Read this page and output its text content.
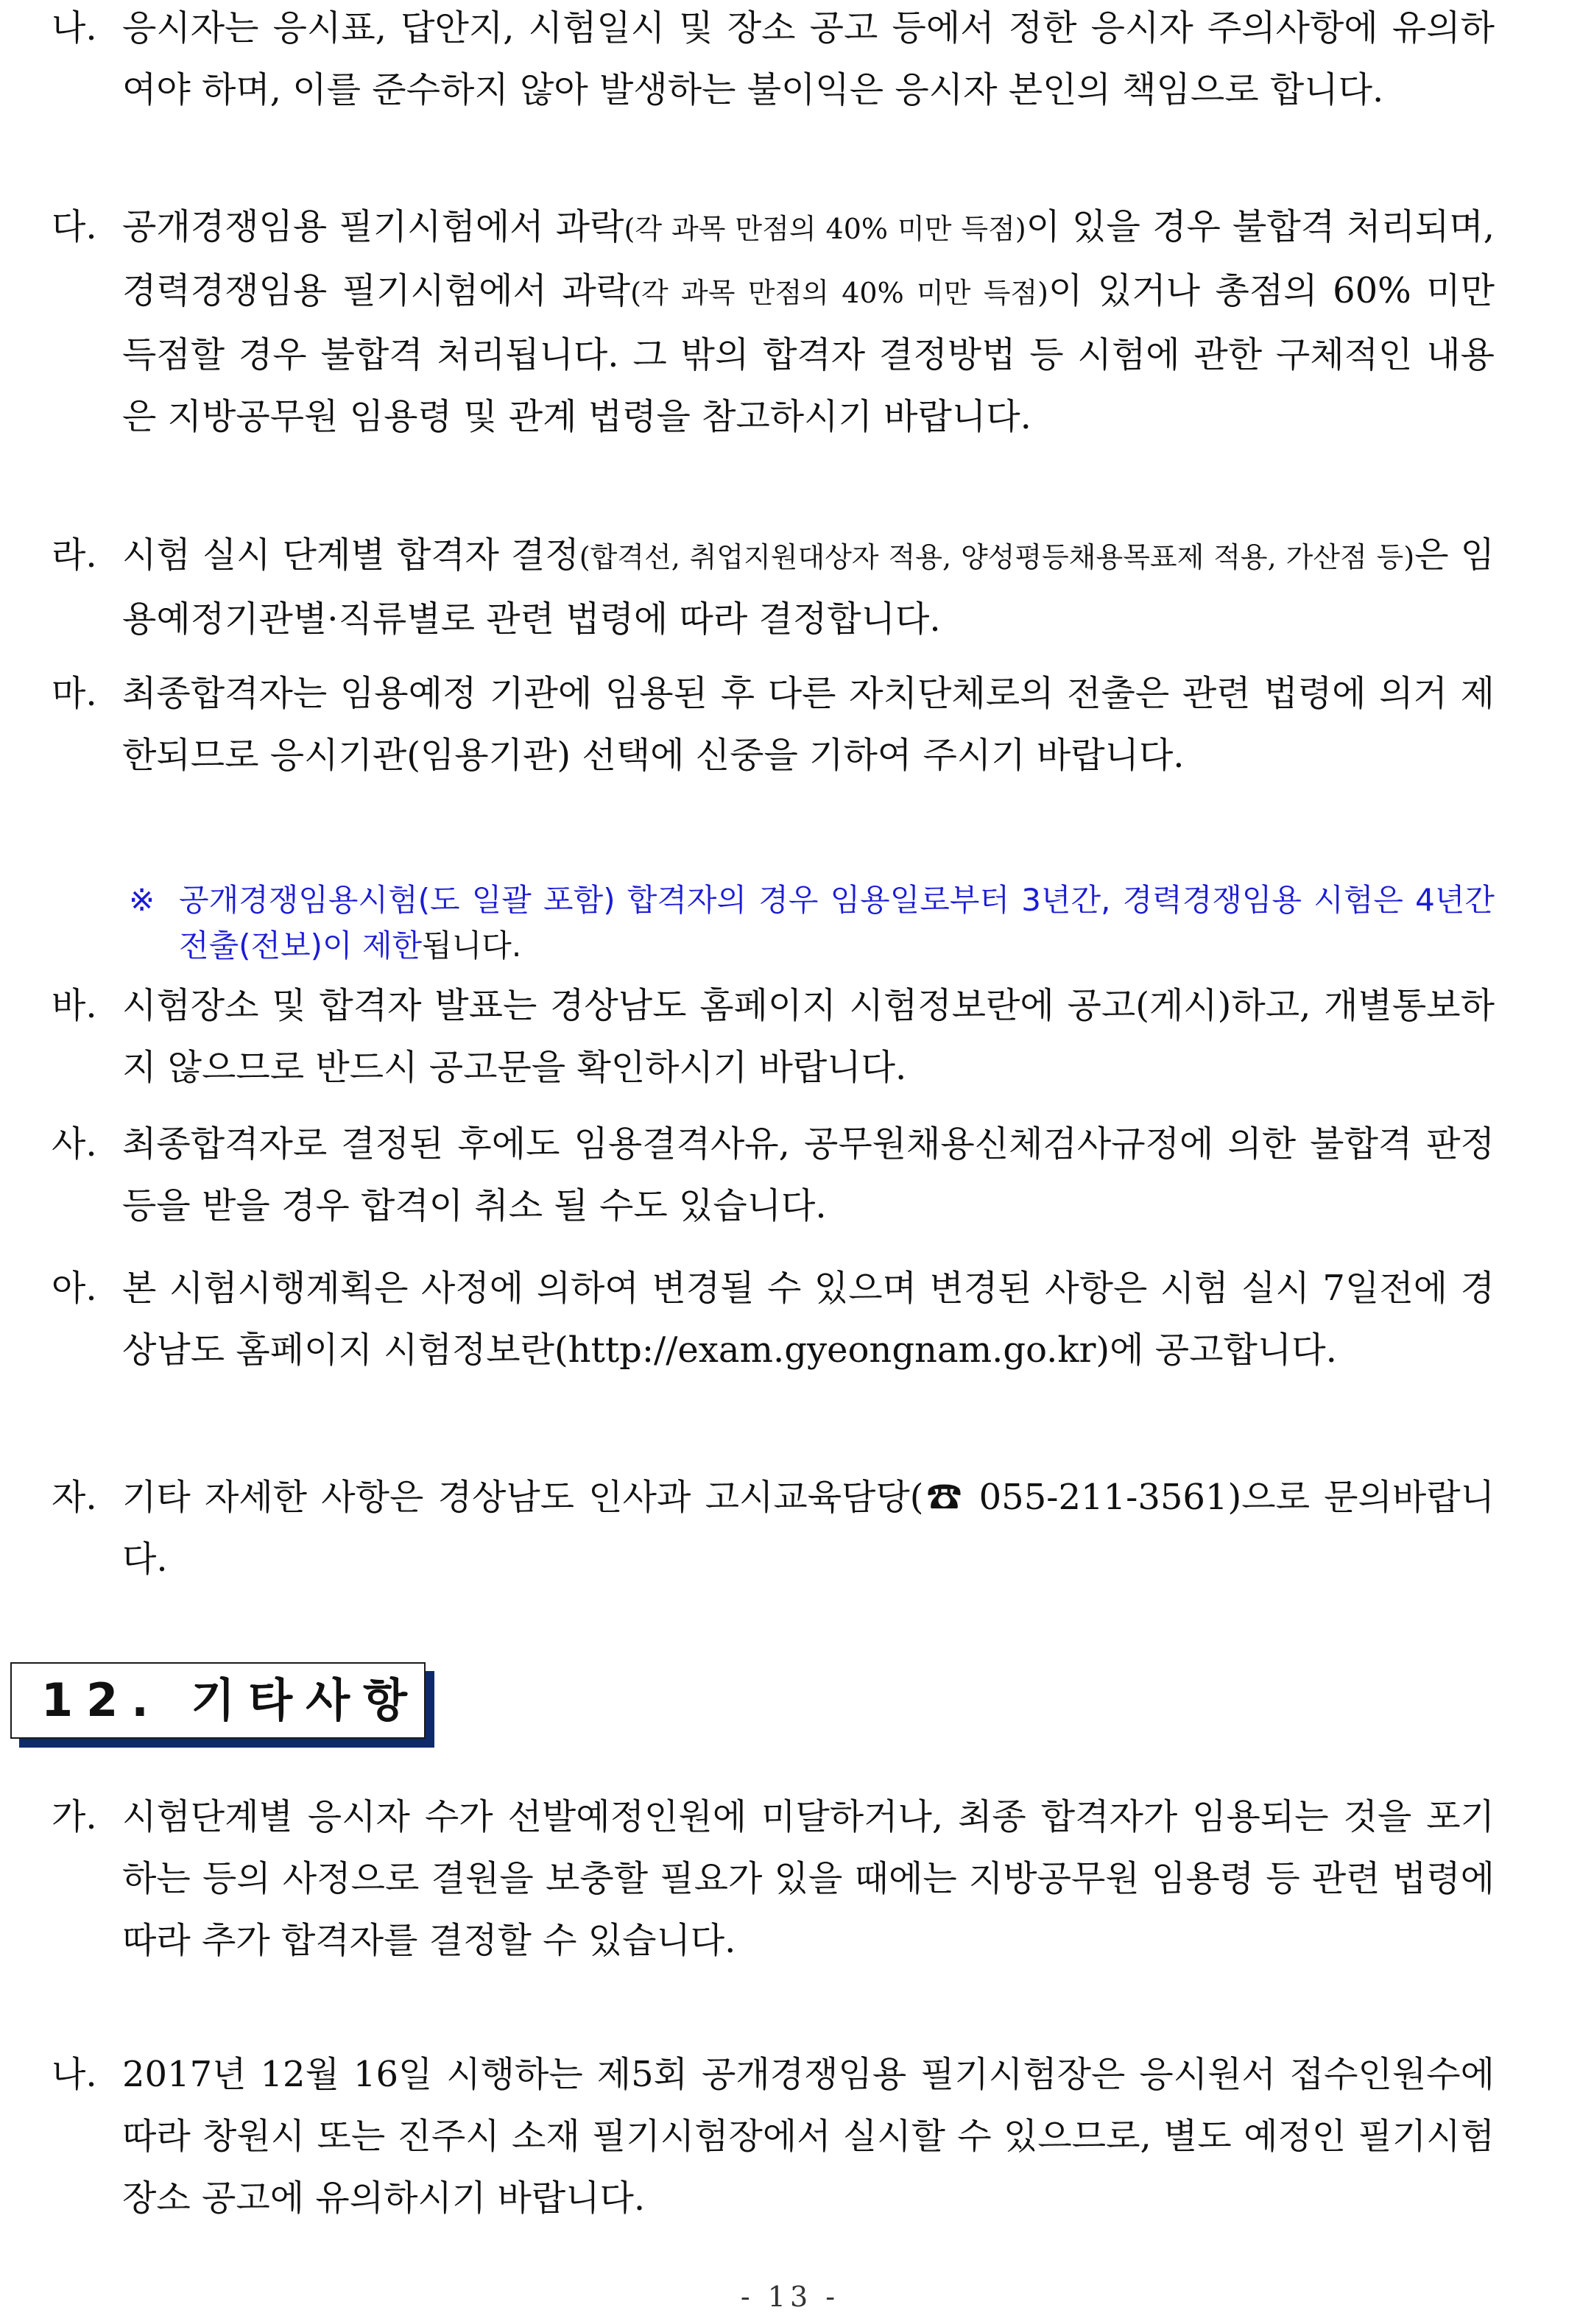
나. 응시자는 응시표, 답안지, 시험일시 및 장소 공고 등에서 정한 응시자 주의사항에 유의하여야 하며, 이를 준수하지 않아 발생하는 불이익은 응시자 본인의 책임으로 합니다.
다. 공개경쟁임용 필기시험에서 과락(각 과목 만점의 40% 미만 득점)이 있을 경우 불합격 처리되며, 경력경쟁임용 필기시험에서 과락(각 과목 만점의 40% 미만 득점)이 있거나 총점의 60% 미만 득점할 경우 불합격 처리됩니다. 그 밖의 합격자 결정방법 등 시험에 관한 구체적인 내용은 지방공무원 임용령 및 관계 법령을 참고하시기 바랍니다.
라. 시험 실시 단계별 합격자 결정(합격선, 취업지원대상자 적용, 양성평등채용목표제 적용, 가산점 등)은 임용예정기관별·직류별로 관련 법령에 따라 결정합니다.
마. 최종합격자는 임용예정 기관에 임용된 후 다른 자치단체로의 전출은 관련 법령에 의거 제한되므로 응시기관(임용기관) 선택에 신중을 기하여 주시기 바랍니다.
※ 공개경쟁임용시험(도 일괄 포함) 합격자의 경우 임용일로부터 3년간, 경력경쟁임용 시험은 4년간 전출(전보)이 제한됩니다.
바. 시험장소 및 합격자 발표는 경상남도 홈페이지 시험정보란에 공고(게시)하고, 개별통보하지 않으므로 반드시 공고문을 확인하시기 바랍니다.
사. 최종합격자로 결정된 후에도 임용결격사유, 공무원채용신체검사규정에 의한 불합격 판정 등을 받을 경우 합격이 취소 될 수도 있습니다.
아. 본 시험시행계획은 사정에 의하여 변경될 수 있으며 변경된 사항은 시험 실시 7일전에 경상남도 홈페이지 시험정보란(http://exam.gyeongnam.go.kr)에 공고합니다.
자. 기타 자세한 사항은 경상남도 인사과 고시교육담당(☎ 055-211-3561)으로 문의바랍니다.
12. 기타사항
가. 시험단계별 응시자 수가 선발예정인원에 미달하거나, 최종 합격자가 임용되는 것을 포기하는 등의 사정으로 결원을 보충할 필요가 있을 때에는 지방공무원 임용령 등 관련 법령에 따라 추가 합격자를 결정할 수 있습니다.
나. 2017년 12월 16일 시행하는 제5회 공개경쟁임용 필기시험장은 응시원서 접수인원수에 따라 창원시 또는 진주시 소재 필기시험장에서 실시할 수 있으므로, 별도 예정인 필기시험장소 공고에 유의하시기 바랍니다.
- 13 -
